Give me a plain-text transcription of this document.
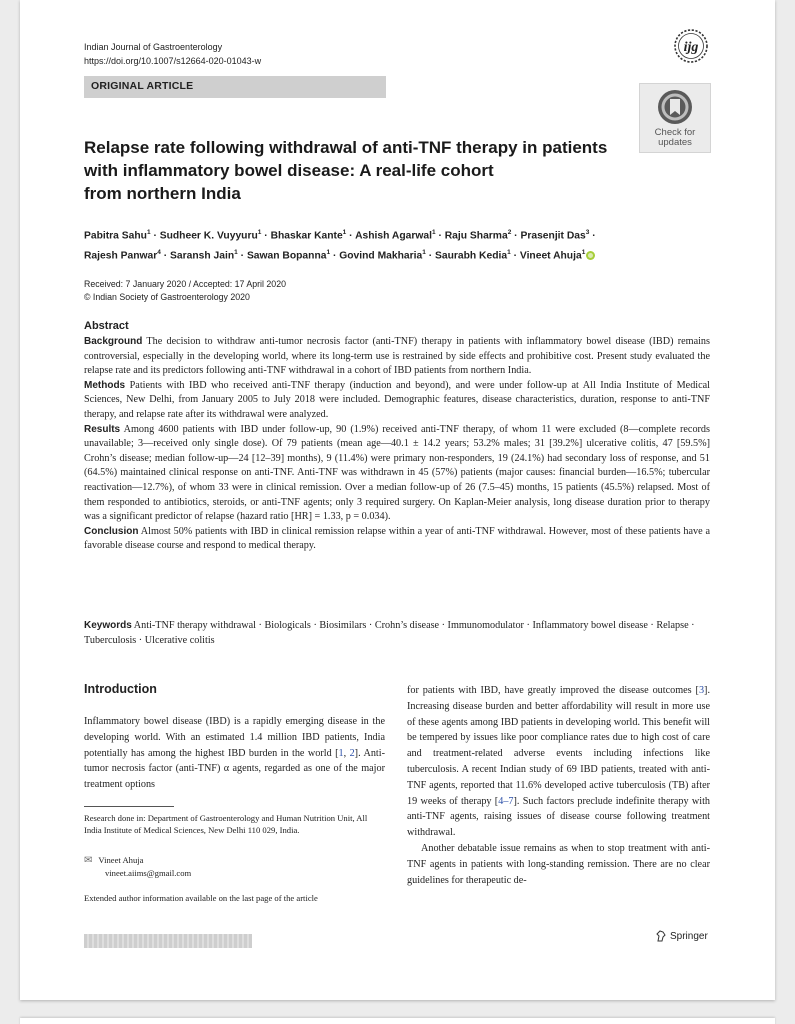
Indian Journal of Gastroenterology
https://doi.org/10.1007/s12664-020-01043-w
ijg
ORIGINAL ARTICLE
Check for
updates
Relapse rate following withdrawal of anti-TNF therapy in patients
with inflammatory bowel disease: A real-life cohort
from northern India
Pabitra Sahu$^1$ · Sudheer K. Vuyyuru$^1$ · Bhaskar Kante$^1$ · Ashish Agarwal$^1$ · Raju Sharma$^2$ · Prasenjit Das$^3$ ·
Rajesh Panwar$^4$ · Saransh Jain$^1$ · Sawan Bopanna$^1$ · Govind Makharia$^1$ · Saurabh Kedia$^1$ · Vineet Ahuja$^1$
Received: 7 January 2020 / Accepted: 17 April 2020
© Indian Society of Gastroenterology 2020
Abstract
Background The decision to withdraw anti-tumor necrosis factor (anti-TNF) therapy in patients with inflammatory bowel disease (IBD) remains controversial, especially in the developing world, where its long-term use is restrained by side effects and prohibitive cost. Present study evaluated the relapse rate and its predictors following anti-TNF withdrawal in a cohort of IBD patients from northern India.
Methods Patients with IBD who received anti-TNF therapy (induction and beyond), and were under follow-up at All India Institute of Medical Sciences, New Delhi, from January 2005 to July 2018 were included. Demographic features, disease characteristics, duration, response to anti-TNF therapy, and relapse rate after its withdrawal were analyzed.
Results Among 4600 patients with IBD under follow-up, 90 (1.9%) received anti-TNF therapy, of whom 11 were excluded (8—complete records unavailable; 3—received only single dose). Of 79 patients (mean age—40.1 ± 14.2 years; 53.2% males; 31 [39.2%] ulcerative colitis, 47 [59.5%] Crohn’s disease; median follow-up—24 [12–39] months), 9 (11.4%) were primary non-responders, 19 (24.1%) had secondary loss of response, and 51 (64.5%) maintained clinical response on anti-TNF. Anti-TNF was withdrawn in 45 (57%) patients (major causes: financial burden—16.5%; tubercular reactivation—12.7%), of whom 33 were in clinical remission. Over a median follow-up of 26 (7.5–45) months, 15 patients (45.5%) relapsed. Most of them responded to antibiotics, steroids, or anti-TNF agents; only 3 required surgery. On Kaplan-Meier analysis, long disease duration prior to therapy was a significant predictor of relapse (hazard ratio [HR] = 1.33, p = 0.034).
Conclusion Almost 50% patients with IBD in clinical remission relapse within a year of anti-TNF withdrawal. However, most of these patients have a favorable disease course and respond to medical therapy.
Keywords Anti-TNF therapy withdrawal · Biologicals · Biosimilars · Crohn’s disease · Immunomodulator · Inflammatory bowel disease · Relapse · Tuberculosis · Ulcerative colitis
Introduction

Inflammatory bowel disease (IBD) is a rapidly emerging disease in the developing world. With an estimated 1.4 million IBD patients, India potentially has among the highest IBD burden in the world [1, 2]. Anti-tumor necrosis factor (anti-TNF) α agents, regarded as one of the major treatment options

Research done in: Department of Gastroenterology and Human Nutrition Unit, All India Institute of Medical Sciences, New Delhi 110 029, India.
✉ Vineet Ahuja
vineet.aiims@gmail.com
Extended author information available on the last page of the article

for patients with IBD, have greatly improved the disease outcomes [3]. Increasing disease burden and better affordability will result in more use of these agents among IBD patients in developing world. This benefit will be tempered by issues like poor compliance rates due to high cost of care and treatment-related adverse events including infections like tuberculosis. A recent Indian study of 69 IBD patients, treated with anti-TNF agents, reported that 11.6% developed active tuberculosis (TB) after 19 weeks of therapy [4–7]. Such factors preclude indefinite therapy with anti-TNF agents, raising issues of disease course following treatment withdrawal.

Another debatable issue remains as when to stop treatment with anti-TNF agents in patients with long-standing remission. There are no clear guidelines for therapeutic de-

Springer
